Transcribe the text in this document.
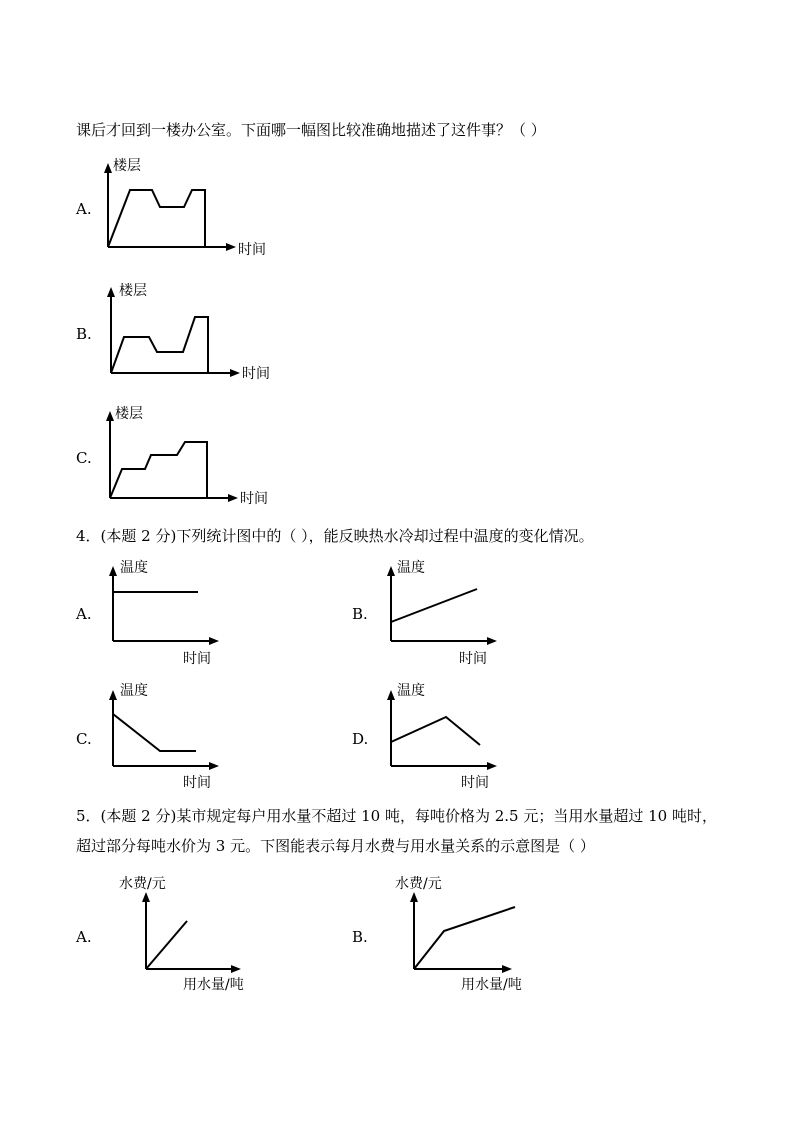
课后才回到一楼办公室。下面哪一幅图比较准确地描述了这件事？（ ）
A.
楼层
时间
B.
楼层
时间
C.
楼层
时间
4．(本题 2 分)下列统计图中的（ ），能反映热水冷却过程中温度的变化情况。
A.
温度
时间
B.
温度
时间
C.
温度
时间
D.
温度
时间
5．(本题 2 分)某市规定每户用水量不超过 10 吨，每吨价格为 2.5 元；当用水量超过 10 吨时，
超过部分每吨水价为 3 元。下图能表示每月水费与用水量关系的示意图是（ ）
A.
水费/元
用水量/吨
B.
水费/元
用水量/吨
